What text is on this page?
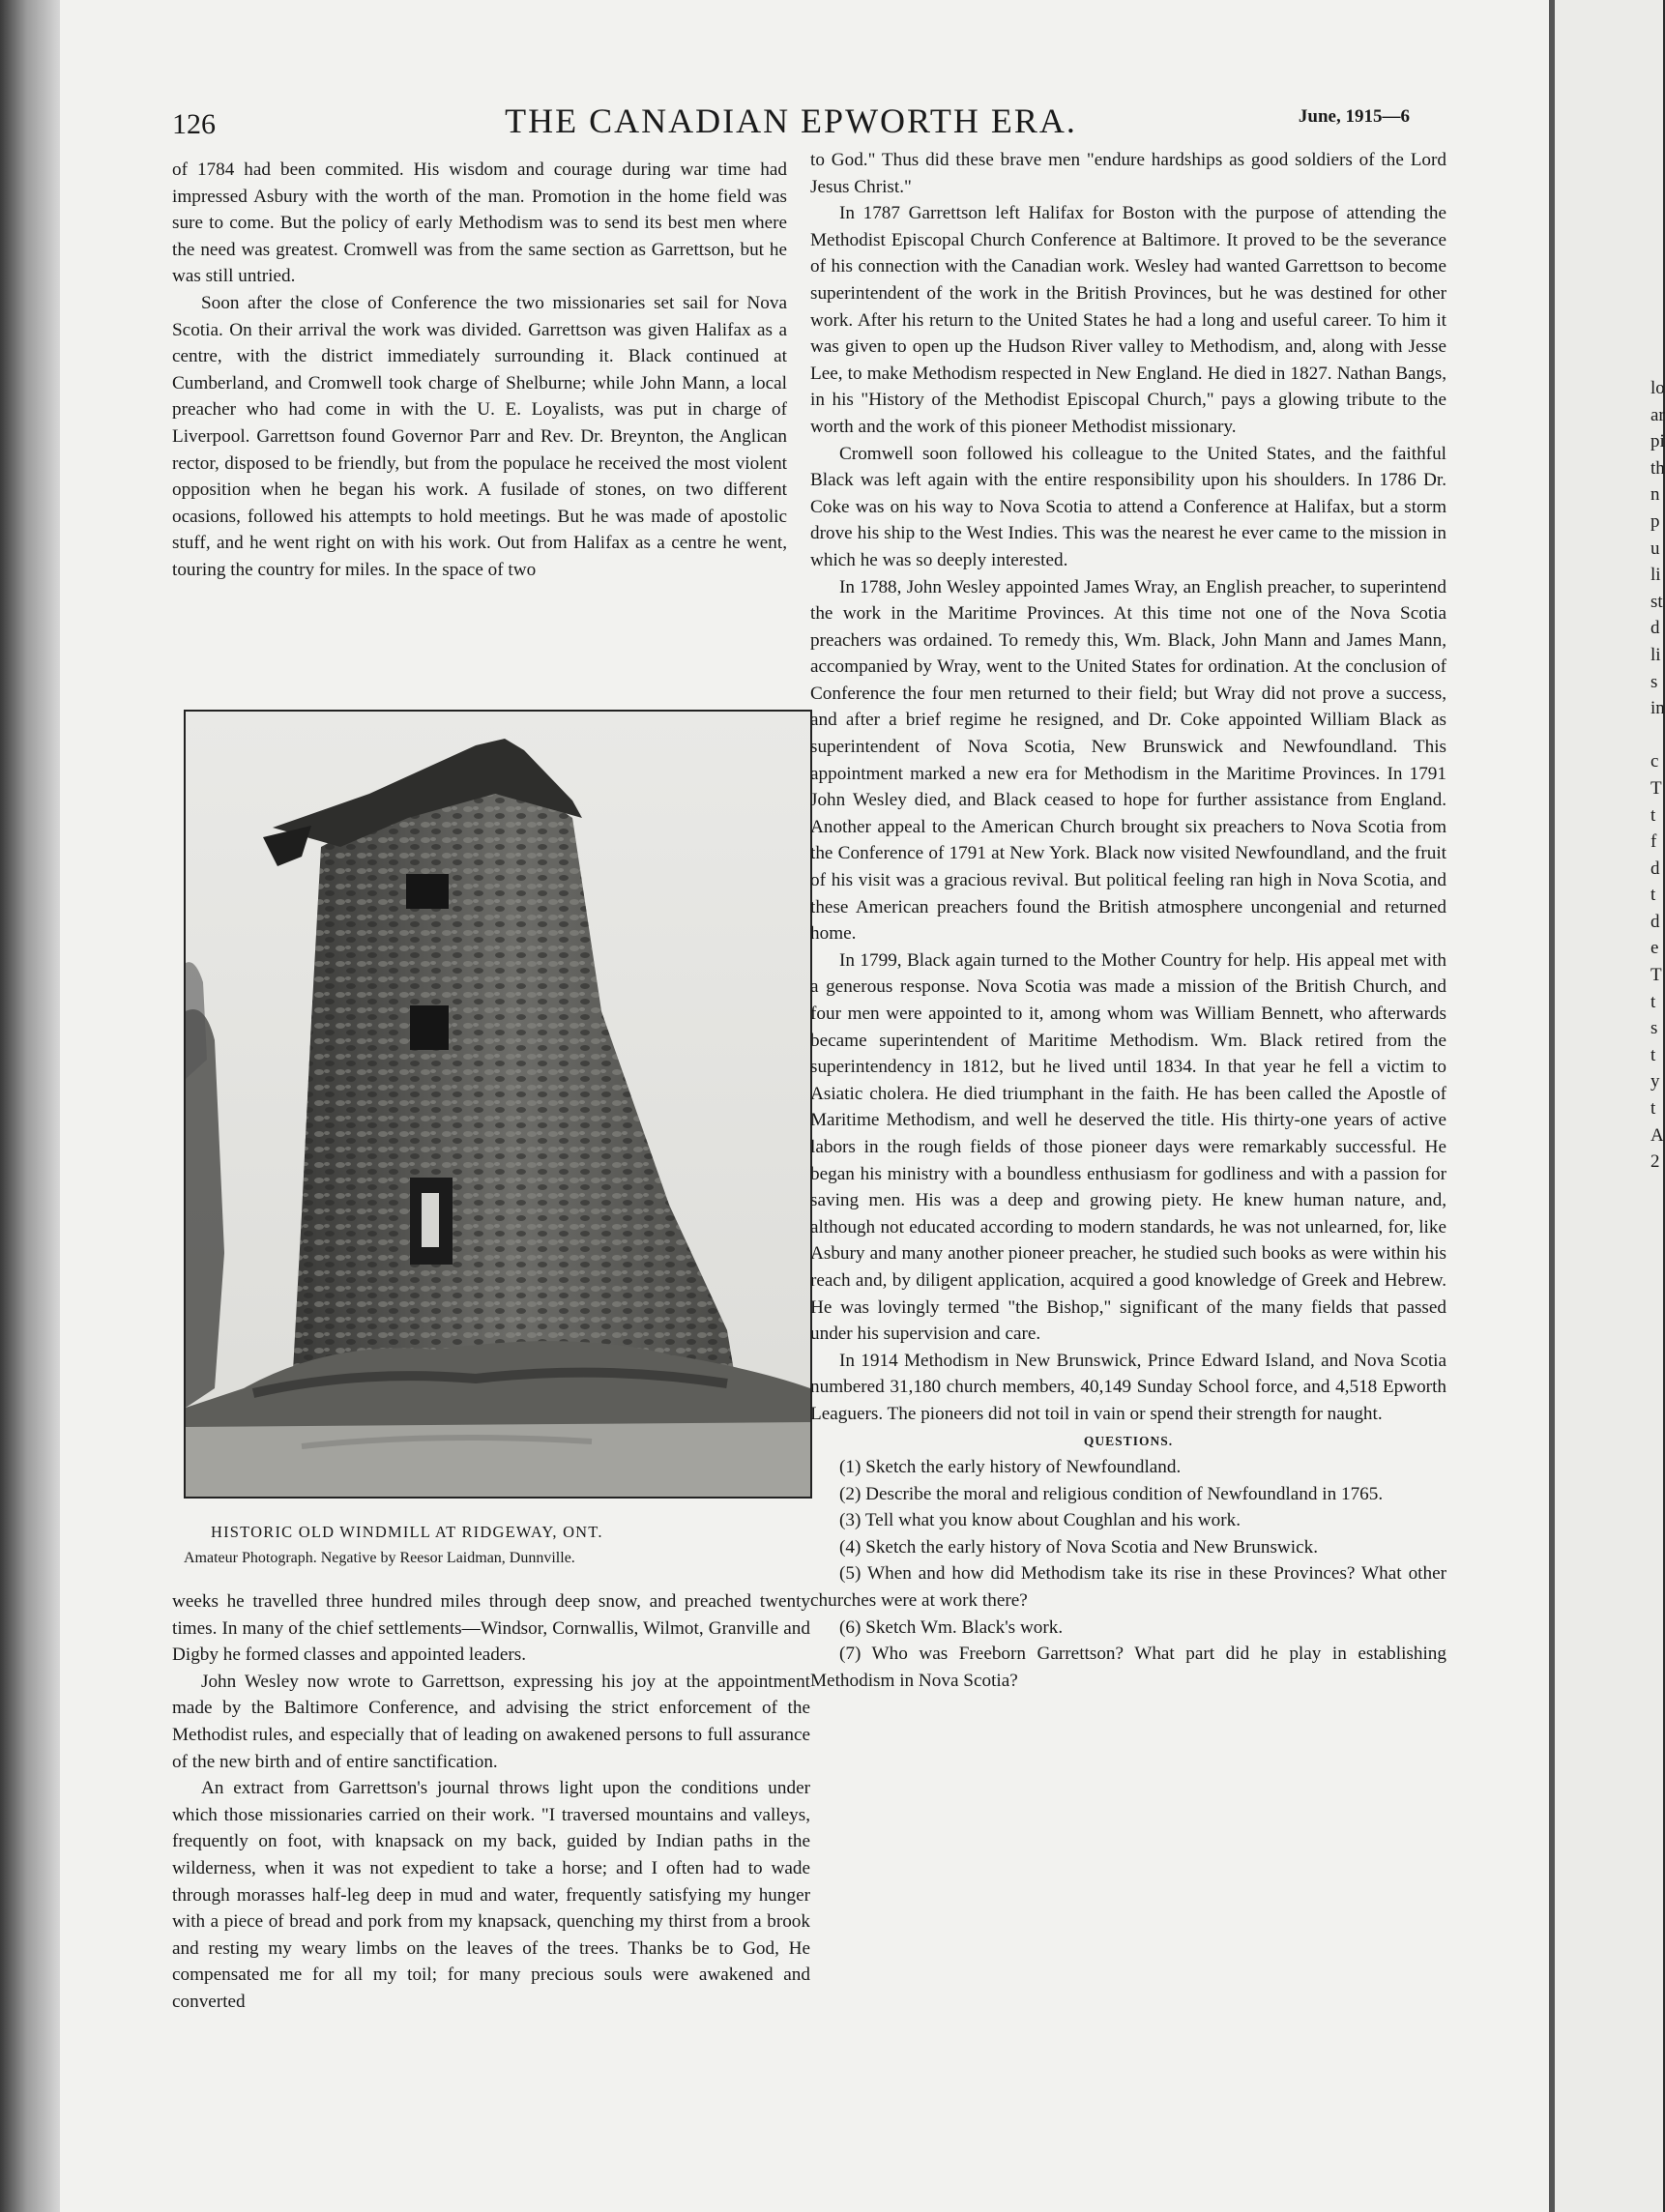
lo
ar
pi
th
n
p
u
li
st
d
li
s
in
c
T
t
f
d
t
d
e
T
t
s
t
y
t
A
2
126	THE CANADIAN EPWORTH ERA.	June, 1915—6

of 1784 had been commited. His wisdom and courage during war time had impressed Asbury with the worth of the man. Promotion in the home field was sure to come. But the policy of early Methodism was to send its best men where the need was greatest. Cromwell was from the same section as Garrettson, but he was still untried.

Soon after the close of Conference the two missionaries set sail for Nova Scotia. On their arrival the work was divided. Garrettson was given Halifax as a centre, with the district immediately surrounding it. Black continued at Cumberland, and Cromwell took charge of Shelburne; while John Mann, a local preacher who had come in with the U. E. Loyalists, was put in charge of Liverpool. Garrettson found Governor Parr and Rev. Dr. Breynton, the Anglican rector, disposed to be friendly, but from the populace he received the most violent opposition when he began his work. A fusilade of stones, on two different ocasions, followed his attempts to hold meetings. But he was made of apostolic stuff, and he went right on with his work. Out from Halifax as a centre he went, touring the country for miles. In the space of two

HISTORIC OLD WINDMILL AT RIDGEWAY, ONT.
Amateur Photograph. Negative by Reesor Laidman, Dunnville.

weeks he travelled three hundred miles through deep snow, and preached twenty times. In many of the chief settlements—Windsor, Cornwallis, Wilmot, Granville and Digby he formed classes and appointed leaders.

John Wesley now wrote to Garrettson, expressing his joy at the appointment made by the Baltimore Conference, and advising the strict enforcement of the Methodist rules, and especially that of leading on awakened persons to full assurance of the new birth and of entire sanctification.

An extract from Garrettson's journal throws light upon the conditions under which those missionaries carried on their work. "I traversed mountains and valleys, frequently on foot, with knapsack on my back, guided by Indian paths in the wilderness, when it was not expedient to take a horse; and I often had to wade through morasses half-leg deep in mud and water, frequently satisfying my hunger with a piece of bread and pork from my knapsack, quenching my thirst from a brook and resting my weary limbs on the leaves of the trees. Thanks be to God, He compensated me for all my toil; for many precious souls were awakened and converted

to God." Thus did these brave men "endure hardships as good soldiers of the Lord Jesus Christ."

In 1787 Garrettson left Halifax for Boston with the purpose of attending the Methodist Episcopal Church Conference at Baltimore. It proved to be the severance of his connection with the Canadian work. Wesley had wanted Garrettson to become superintendent of the work in the British Provinces, but he was destined for other work. After his return to the United States he had a long and useful career. To him it was given to open up the Hudson River valley to Methodism, and, along with Jesse Lee, to make Methodism respected in New England. He died in 1827. Nathan Bangs, in his "History of the Methodist Episcopal Church," pays a glowing tribute to the worth and the work of this pioneer Methodist missionary.

Cromwell soon followed his colleague to the United States, and the faithful Black was left again with the entire responsibility upon his shoulders. In 1786 Dr. Coke was on his way to Nova Scotia to attend a Conference at Halifax, but a storm drove his ship to the West Indies. This was the nearest he ever came to the mission in which he was so deeply interested.

In 1788, John Wesley appointed James Wray, an English preacher, to superintend the work in the Maritime Provinces. At this time not one of the Nova Scotia preachers was ordained. To remedy this, Wm. Black, John Mann and James Mann, accompanied by Wray, went to the United States for ordination. At the conclusion of Conference the four men returned to their field; but Wray did not prove a success, and after a brief regime he resigned, and Dr. Coke appointed William Black as superintendent of Nova Scotia, New Brunswick and Newfoundland. This appointment marked a new era for Methodism in the Maritime Provinces. In 1791 John Wesley died, and Black ceased to hope for further assistance from England. Another appeal to the American Church brought six preachers to Nova Scotia from the Conference of 1791 at New York. Black now visited Newfoundland, and the fruit of his visit was a gracious revival. But political feeling ran high in Nova Scotia, and these American preachers found the British atmosphere uncongenial and returned home.

In 1799, Black again turned to the Mother Country for help. His appeal met with a generous response. Nova Scotia was made a mission of the British Church, and four men were appointed to it, among whom was William Bennett, who afterwards became superintendent of Maritime Methodism. Wm. Black retired from the superintendency in 1812, but he lived until 1834. In that year he fell a victim to Asiatic cholera. He died triumphant in the faith. He has been called the Apostle of Maritime Methodism, and well he deserved the title. His thirty-one years of active labors in the rough fields of those pioneer days were remarkably successful. He began his ministry with a boundless enthusiasm for godliness and with a passion for saving men. His was a deep and growing piety. He knew human nature, and, although not educated according to modern standards, he was not unlearned, for, like Asbury and many another pioneer preacher, he studied such books as were within his reach and, by diligent application, acquired a good knowledge of Greek and Hebrew. He was lovingly termed "the Bishop," significant of the many fields that passed under his supervision and care.

In 1914 Methodism in New Brunswick, Prince Edward Island, and Nova Scotia numbered 31,180 church members, 40,149 Sunday School force, and 4,518 Epworth Leaguers. The pioneers did not toil in vain or spend their strength for naught.

QUESTIONS.

(1) Sketch the early history of Newfoundland.

(2) Describe the moral and religious condition of Newfoundland in 1765.

(3) Tell what you know about Coughlan and his work.

(4) Sketch the early history of Nova Scotia and New Brunswick.

(5) When and how did Methodism take its rise in these Provinces? What other churches were at work there?

(6) Sketch Wm. Black's work.

(7) Who was Freeborn Garrettson? What part did he play in establishing Methodism in Nova Scotia?
